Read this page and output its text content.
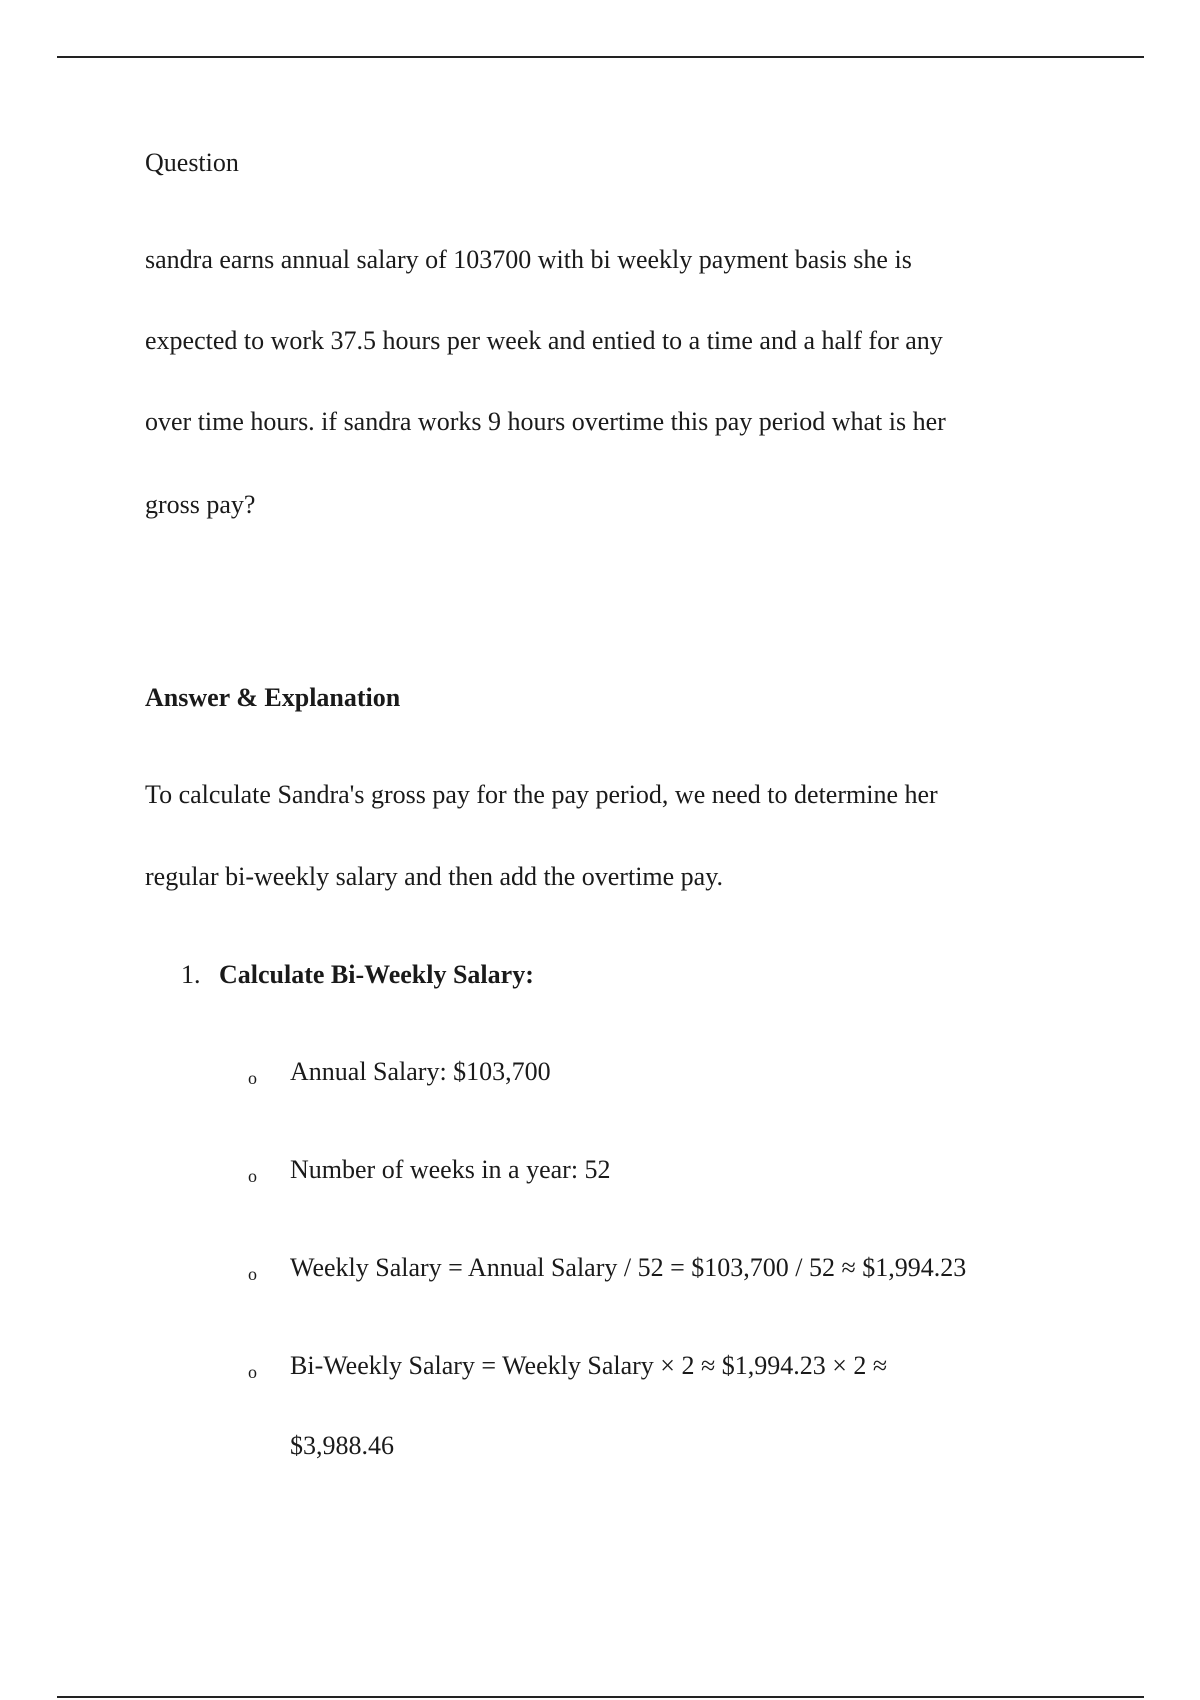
Question
sandra earns annual salary of 103700 with bi weekly payment basis she is
expected to work 37.5 hours per week and entied to a time and a half for any
over time hours. if sandra works 9 hours overtime this pay period what is her
gross pay?
Answer & Explanation
To calculate Sandra's gross pay for the pay period, we need to determine her
regular bi-weekly salary and then add the overtime pay.
1. Calculate Bi-Weekly Salary:
o Annual Salary: $103,700
o Number of weeks in a year: 52
o Weekly Salary = Annual Salary / 52 = $103,700 / 52 ≈ $1,994.23
o Bi-Weekly Salary = Weekly Salary × 2 ≈ $1,994.23 × 2 ≈
$3,988.46
